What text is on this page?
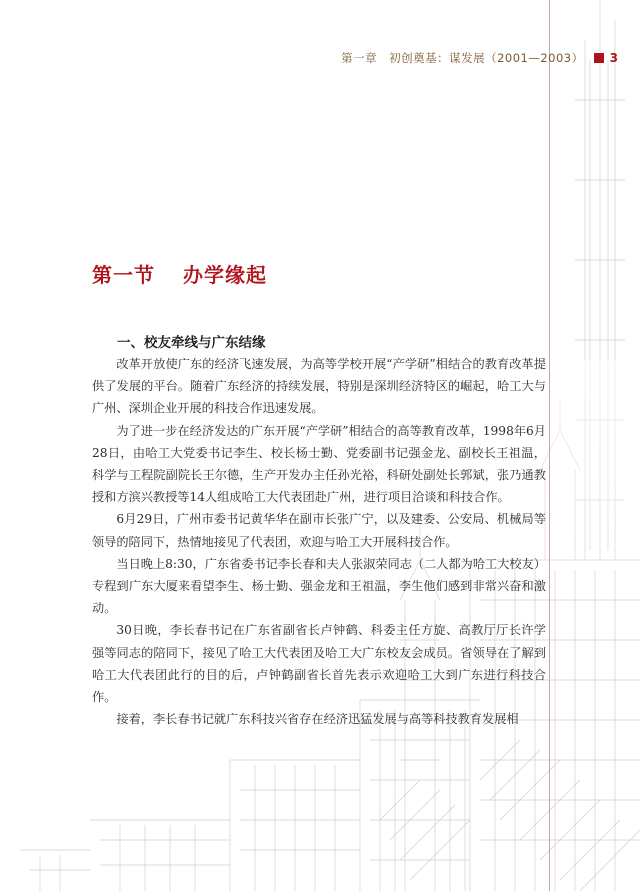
第一章　初创奠基：谋发展（2001—2003） 3
第一节 办学缘起
一、校友牵线与广东结缘

改革开放使广东的经济飞速发展，为高等学校开展“产学研”相结合的教育改革提供了发展的平台。随着广东经济的持续发展，特别是深圳经济特区的崛起，哈工大与广州、深圳企业开展的科技合作迅速发展。

为了进一步在经济发达的广东开展“产学研”相结合的高等教育改革，1998年6月28日，由哈工大党委书记李生、校长杨士勤、党委副书记强金龙、副校长王祖温，科学与工程院副院长王尔德，生产开发办主任孙光裕，科研处副处长郭斌，张乃通教授和方滨兴教授等14人组成哈工大代表团赴广州，进行项目洽谈和科技合作。

6月29日，广州市委书记黄华华在副市长张广宁，以及建委、公安局、机械局等领导的陪同下，热情地接见了代表团，欢迎与哈工大开展科技合作。

当日晚上8:30，广东省委书记李长春和夫人张淑荣同志（二人都为哈工大校友）专程到广东大厦来看望李生、杨士勤、强金龙和王祖温，李生他们感到非常兴奋和激动。

30日晚，李长春书记在广东省副省长卢钟鹤、科委主任方旋、高教厅厅长许学强等同志的陪同下，接见了哈工大代表团及哈工大广东校友会成员。省领导在了解到哈工大代表团此行的目的后，卢钟鹤副省长首先表示欢迎哈工大到广东进行科技合作。

接着，李长春书记就广东科技兴省存在经济迅猛发展与高等科技教育发展相
